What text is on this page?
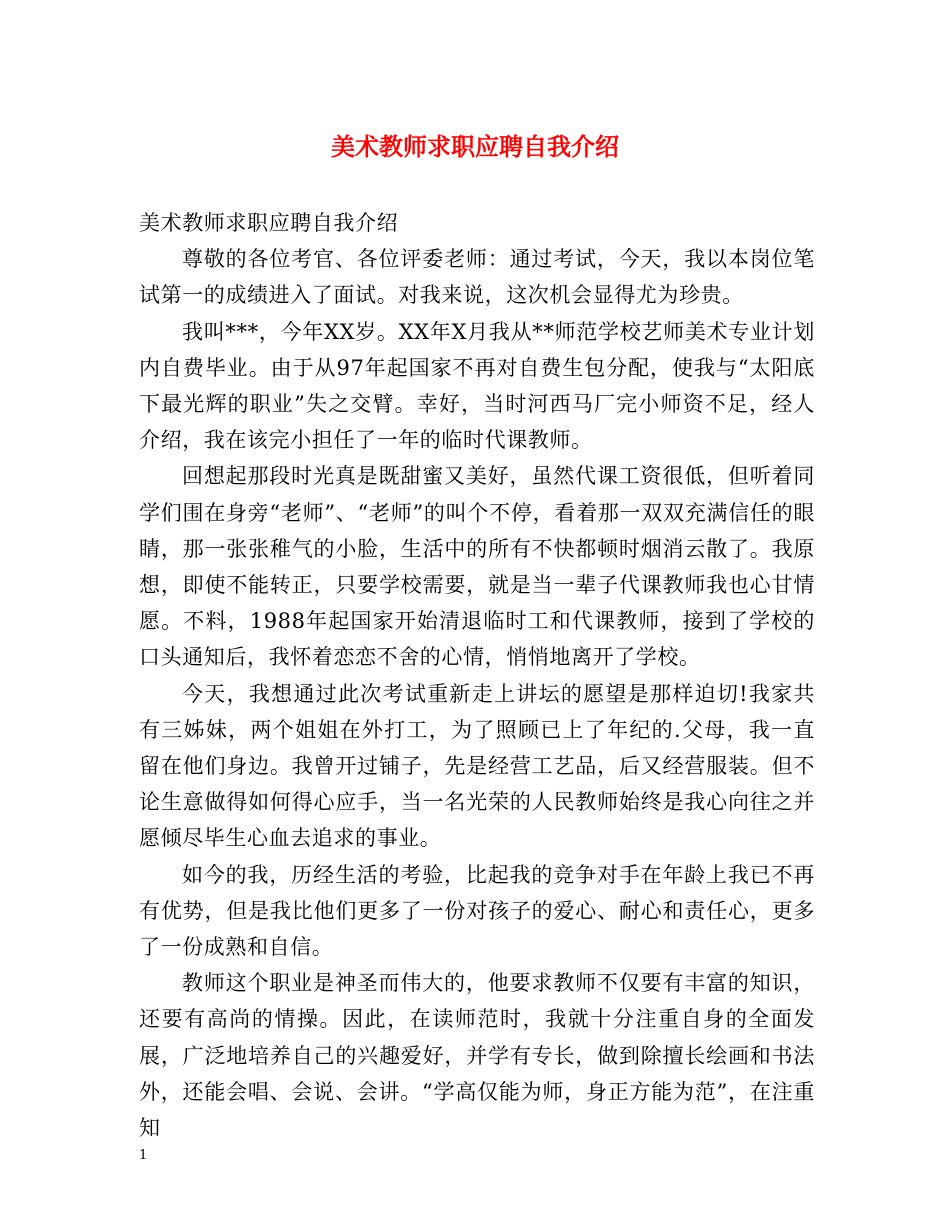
美术教师求职应聘自我介绍

美术教师求职应聘自我介绍

尊敬的各位考官、各位评委老师：通过考试，今天，我以本岗位笔试第一的成绩进入了面试。对我来说，这次机会显得尤为珍贵。

我叫***，今年XX岁。XX年X月我从**师范学校艺师美术专业计划内自费毕业。由于从97年起国家不再对自费生包分配，使我与“太阳底下最光辉的职业”失之交臂。幸好，当时河西马厂完小师资不足，经人介绍，我在该完小担任了一年的临时代课教师。

回想起那段时光真是既甜蜜又美好，虽然代课工资很低，但听着同学们围在身旁“老师”、“老师”的叫个不停，看着那一双双充满信任的眼睛，那一张张稚气的小脸，生活中的所有不快都顿时烟消云散了。我原想，即使不能转正，只要学校需要，就是当一辈子代课教师我也心甘情愿。不料，1988年起国家开始清退临时工和代课教师，接到了学校的口头通知后，我怀着恋恋不舍的心情，悄悄地离开了学校。

今天，我想通过此次考试重新走上讲坛的愿望是那样迫切!我家共有三姊妹，两个姐姐在外打工，为了照顾已上了年纪的.父母，我一直留在他们身边。我曾开过铺子，先是经营工艺品，后又经营服装。但不论生意做得如何得心应手，当一名光荣的人民教师始终是我心向往之并愿倾尽毕生心血去追求的事业。

如今的我，历经生活的考验，比起我的竞争对手在年龄上我已不再有优势，但是我比他们更多了一份对孩子的爱心、耐心和责任心，更多了一份成熟和自信。

教师这个职业是神圣而伟大的，他要求教师不仅要有丰富的知识，还要有高尚的情操。因此，在读师范时，我就十分注重自身的全面发展，广泛地培养自己的兴趣爱好，并学有专长，做到除擅长绘画和书法外，还能会唱、会说、会讲。“学高仅能为师，身正方能为范”，在注重知

1
